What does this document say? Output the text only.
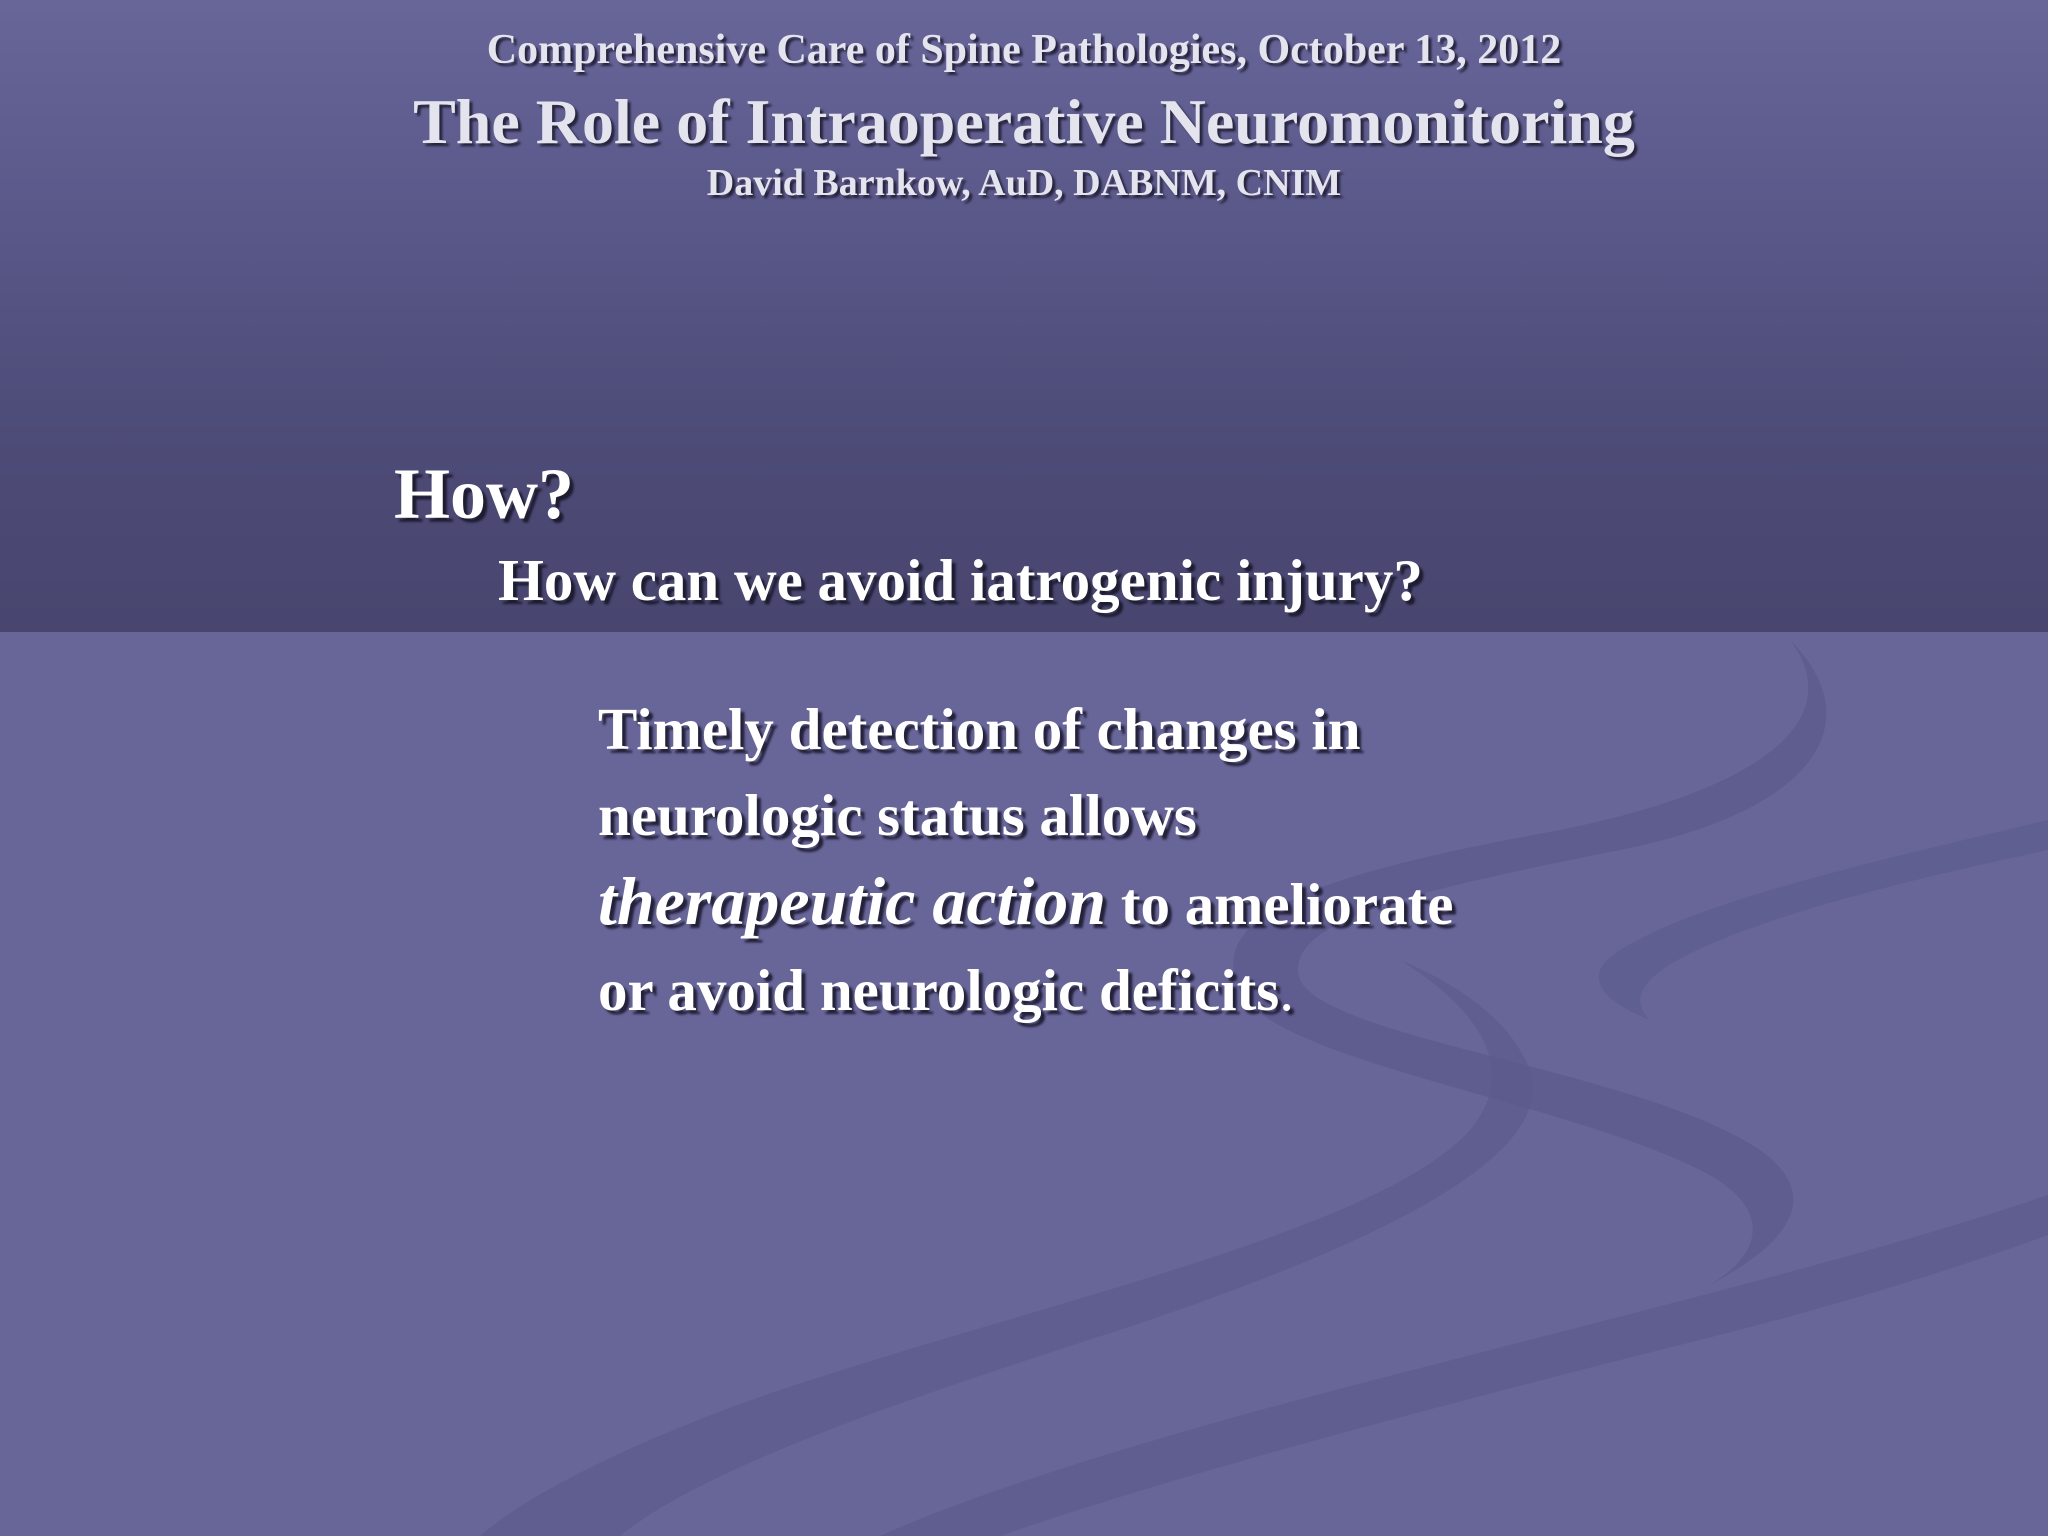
Comprehensive Care of Spine Pathologies, October 13, 2012
The Role of Intraoperative Neuromonitoring
David Barnkow, AuD, DABNM, CNIM
How?
How can we avoid iatrogenic injury?
Timely detection of changes in
neurologic status allows
therapeutic action to ameliorate
or avoid neurologic deficits.
